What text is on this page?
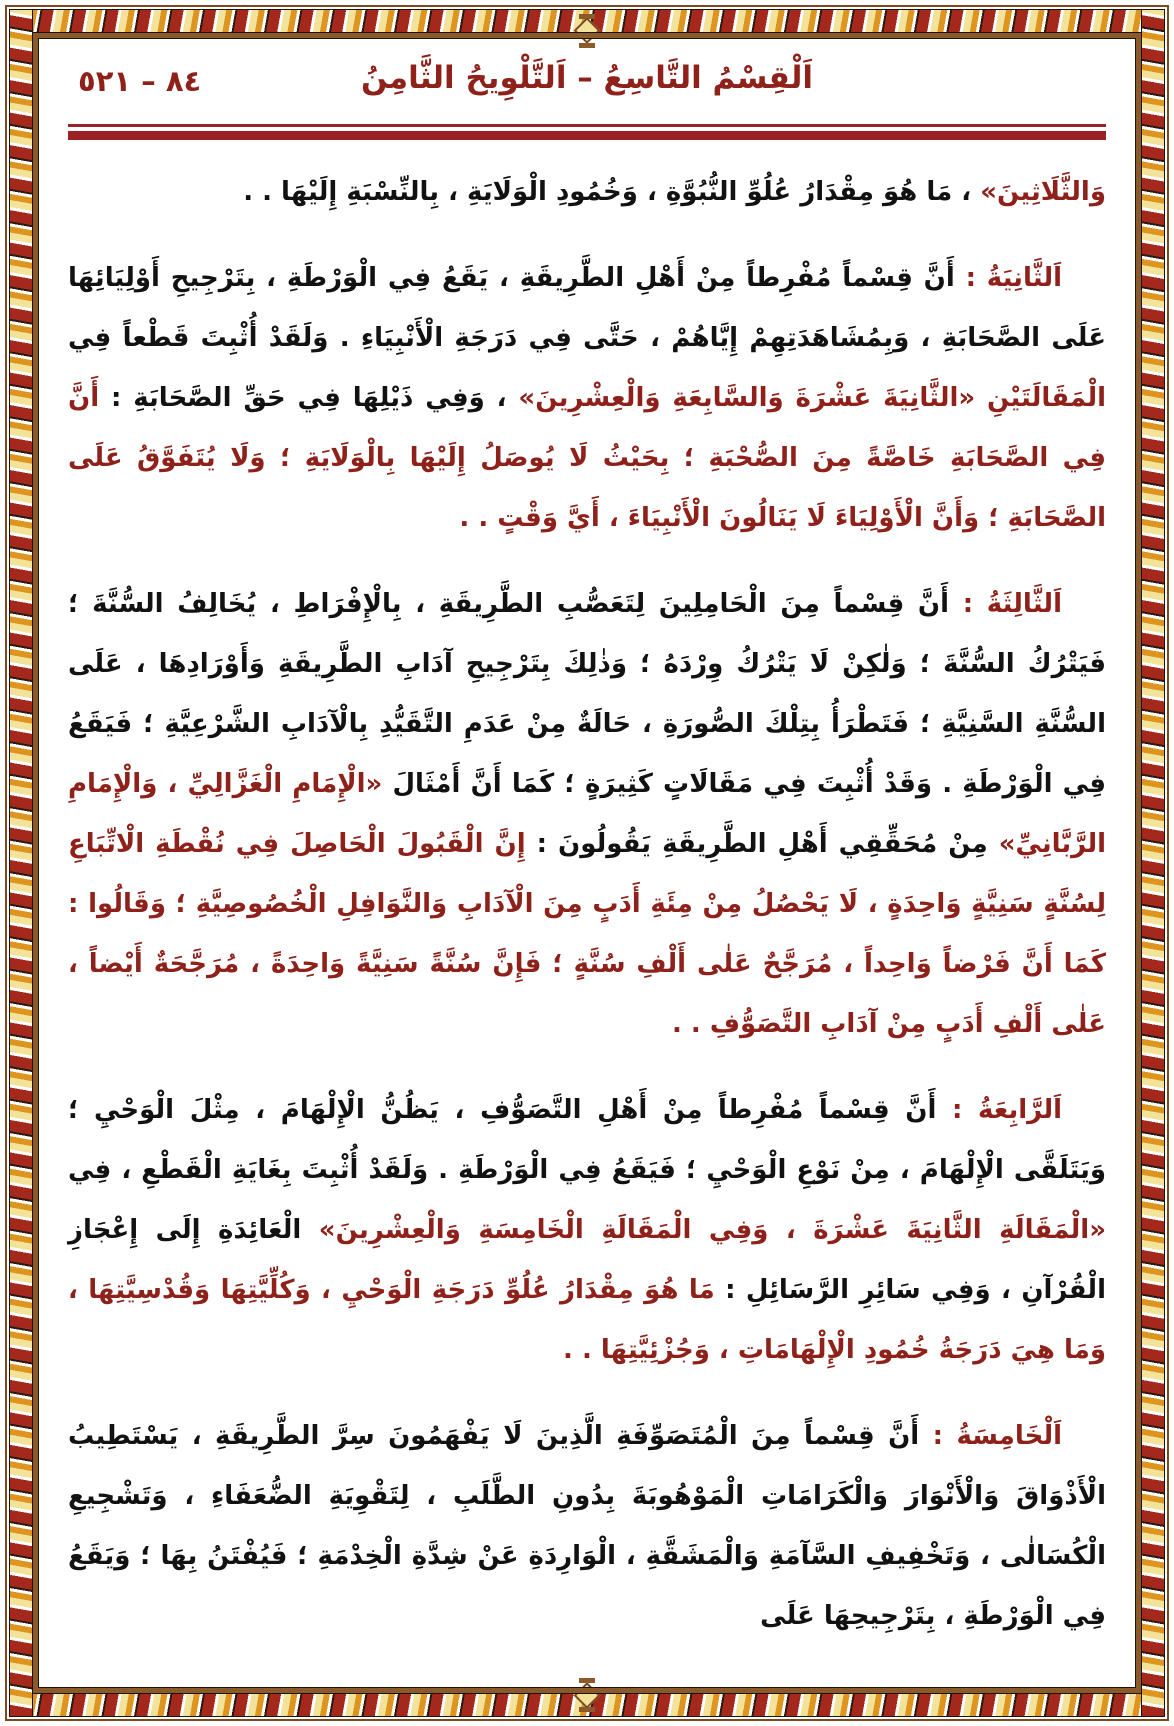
٨٤ – ٥٢١	اَلْقِسْمُ التَّاسِعُ – اَلتَّلْوِيحُ الثَّامِنُ

وَالثَّلَاثِينَ» ، مَا هُوَ مِقْدَارُ عُلُوِّ النُّبُوَّةِ ، وَخُمُودِ الْوَلَايَةِ ، بِالنِّسْبَةِ إِلَيْهَا . .

اَلثَّانِيَةُ : أَنَّ قِسْماً مُفْرِطاً مِنْ أَهْلِ الطَّرِيقَةِ ، يَقَعُ فِي الْوَرْطَةِ ، بِتَرْجِيحِ أَوْلِيَائِهَا عَلَى الصَّحَابَةِ ، وَبِمُشَاهَدَتِهِمْ إِيَّاهُمْ ، حَتَّى فِي دَرَجَةِ الْأَنْبِيَاءِ . وَلَقَدْ أُثْبِتَ قَطْعاً فِي الْمَقَالَتَيْنِ «الثَّانِيَةَ عَشْرَةَ وَالسَّابِعَةِ وَالْعِشْرِينَ» ، وَفِي ذَيْلِهَا فِي حَقِّ الصَّحَابَةِ : أَنَّ فِي الصَّحَابَةِ خَاصَّةً مِنَ الصُّحْبَةِ ؛ بِحَيْثُ لَا يُوصَلُ إِلَيْهَا بِالْوَلَايَةِ ؛ وَلَا يُتَفَوَّقُ عَلَى الصَّحَابَةِ ؛ وَأَنَّ الْأَوْلِيَاءَ لَا يَنَالُونَ الْأَنْبِيَاءَ ، أَيَّ وَقْتٍ . .

اَلثَّالِثَةُ : أَنَّ قِسْماً مِنَ الْحَامِلِينَ لِتَعَصُّبِ الطَّرِيقَةِ ، بِالْإِفْرَاطِ ، يُخَالِفُ السُّنَّةَ ؛ فَيَتْرُكُ السُّنَّةَ ؛ وَلٰكِنْ لَا يَتْرُكُ وِرْدَهُ ؛ وَذٰلِكَ بِتَرْجِيحِ آدَابِ الطَّرِيقَةِ وَأَوْرَادِهَا ، عَلَى السُّنَّةِ السَّنِيَّةِ ؛ فَتَطْرَأُ بِتِلْكَ الصُّورَةِ ، حَالَةٌ مِنْ عَدَمِ التَّقَيُّدِ بِالْآدَابِ الشَّرْعِيَّةِ ؛ فَيَقَعُ فِي الْوَرْطَةِ . وَقَدْ أُثْبِتَ فِي مَقَالَاتٍ كَثِيرَةٍ ؛ كَمَا أَنَّ أَمْثَالَ «الْإِمَامِ الْغَزَّالِيِّ ، وَالْإِمَامِ الرَّبَّانِيِّ» مِنْ مُحَقِّقِي أَهْلِ الطَّرِيقَةِ يَقُولُونَ : إِنَّ الْقَبُولَ الْحَاصِلَ فِي نُقْطَةِ الْاتِّبَاعِ لِسُنَّةٍ سَنِيَّةٍ وَاحِدَةٍ ، لَا يَحْصُلُ مِنْ مِئَةِ أَدَبٍ مِنَ الْآدَابِ وَالنَّوَافِلِ الْخُصُوصِيَّةِ ؛ وَقَالُوا : كَمَا أَنَّ فَرْضاً وَاحِداً ، مُرَجَّحٌ عَلٰى أَلْفِ سُنَّةٍ ؛ فَإِنَّ سُنَّةً سَنِيَّةً وَاحِدَةً ، مُرَجَّحَةٌ أَيْضاً ، عَلٰى أَلْفِ أَدَبٍ مِنْ آدَابِ التَّصَوُّفِ . .

اَلرَّابِعَةُ : أَنَّ قِسْماً مُفْرِطاً مِنْ أَهْلِ التَّصَوُّفِ ، يَظُنُّ الْإِلْهَامَ ، مِثْلَ الْوَحْيِ ؛ وَيَتَلَقَّى الْإِلْهَامَ ، مِنْ نَوْعِ الْوَحْيِ ؛ فَيَقَعُ فِي الْوَرْطَةِ . وَلَقَدْ أُثْبِتَ بِغَايَةِ الْقَطْعِ ، فِي «الْمَقَالَةِ الثَّانِيَةَ عَشْرَةَ ، وَفِي الْمَقَالَةِ الْخَامِسَةِ وَالْعِشْرِينَ» الْعَائِدَةِ إِلَى إِعْجَازِ الْقُرْآنِ ، وَفِي سَائِرِ الرَّسَائِلِ : مَا هُوَ مِقْدَارُ عُلُوِّ دَرَجَةِ الْوَحْيِ ، وَكُلِّيَّتِهَا وَقُدْسِيَّتِهَا ، وَمَا هِيَ دَرَجَةُ خُمُودِ الْإِلْهَامَاتِ ، وَجُزْئِيَّتِهَا . .

اَلْخَامِسَةُ : أَنَّ قِسْماً مِنَ الْمُتَصَوِّفَةِ الَّذِينَ لَا يَفْهَمُونَ سِرَّ الطَّرِيقَةِ ، يَسْتَطِيبُ الْأَذْوَاقَ وَالْأَنْوَارَ وَالْكَرَامَاتِ الْمَوْهُوبَةَ بِدُونِ الطَّلَبِ ، لِتَقْوِيَةِ الضُّعَفَاءِ ، وَتَشْجِيعِ الْكُسَالٰى ، وَتَخْفِيفِ السَّآمَةِ وَالْمَشَقَّةِ ، الْوَارِدَةِ عَنْ شِدَّةِ الْخِدْمَةِ ؛ فَيُفْتَنُ بِهَا ؛ وَيَقَعُ فِي الْوَرْطَةِ ، بِتَرْجِيحِهَا عَلَى
